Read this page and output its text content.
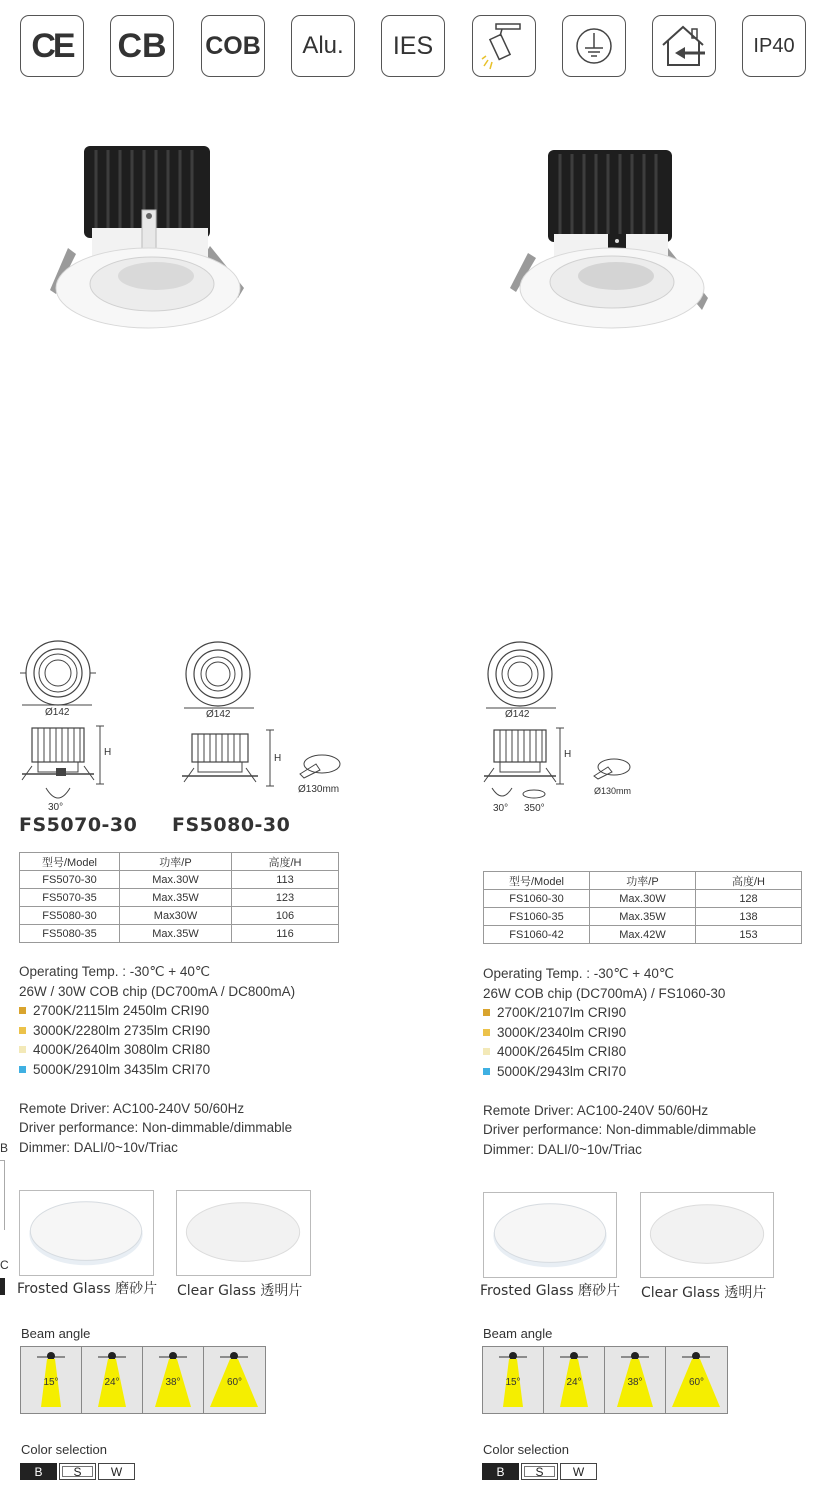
CE CB COB Alu. IES	IP40
Ø142
H
30°
Ø142
H
Ø130mm
FS5070-30 FS5080-30
型号/Model	功率/P	高度/H
FS5070-30	Max.30W	113
FS5070-35	Max.35W	123
FS5080-30	Max30W	106
FS5080-35	Max.35W	116
Operating Temp. : -30℃ + 40℃
26W / 30W COB chip (DC700mA / DC800mA)
2700K/2115lm 2450lm CRI90
3000K/2280lm 2735lm CRI90
4000K/2640lm 3080lm CRI80
5000K/2910lm 3435lm CRI70
Remote Driver: AC100-240V 50/60Hz
Driver performance: Non-dimmable/dimmable
Dimmer: DALI/0~10v/Triac
Frosted Glass 磨砂片 Clear Glass 透明片
Beam angle
15°	24°	38°	60°
Color selection
B	S	W
Ø142
H
Ø130mm
30° 350°
型号/Model	功率/P	高度/H
FS1060-30	Max.30W	128
FS1060-35	Max.35W	138
FS1060-42	Max.42W	153
Operating Temp. : -30℃ + 40℃
26W COB chip (DC700mA) / FS1060-30
2700K/2107lm CRI90
3000K/2340lm CRI90
4000K/2645lm CRI80
5000K/2943lm CRI70
Remote Driver: AC100-240V 50/60Hz
Driver performance: Non-dimmable/dimmable
Dimmer: DALI/0~10v/Triac
Frosted Glass 磨砂片 Clear Glass 透明片
Beam angle
15°	24°	38°	60°
Color selection
B	S	W
B
C
